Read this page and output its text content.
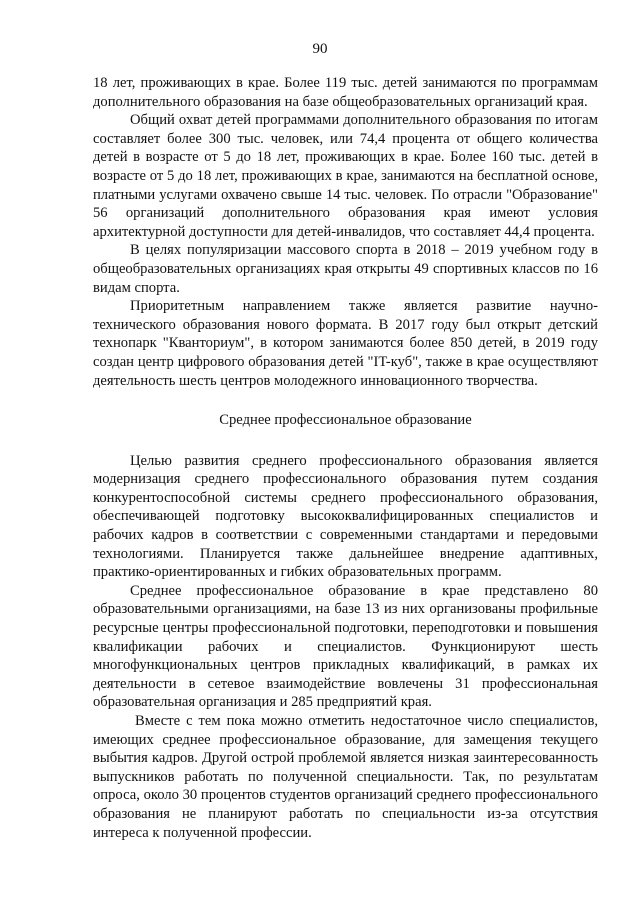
90

18 лет, проживающих в крае. Более 119 тыс. детей занимаются по программам дополнительного образования на базе общеобразовательных организаций края.

Общий охват детей программами дополнительного образования по итогам составляет более 300 тыс. человек, или 74,4 процента от общего количества детей в возрасте от 5 до 18 лет, проживающих в крае. Более 160 тыс. детей в возрасте от 5 до 18 лет, проживающих в крае, занимаются на бесплатной основе, платными услугами охвачено свыше 14 тыс. человек. По отрасли "Образование" 56 организаций дополнительного образования края имеют условия архитектурной доступности для детей-инвалидов, что составляет 44,4 процента.

В целях популяризации массового спорта в 2018 – 2019 учебном году в общеобразовательных организациях края открыты 49 спортивных классов по 16 видам спорта.

Приоритетным направлением также является развитие научно-технического образования нового формата. В 2017 году был открыт детский технопарк "Кванториум", в котором занимаются более 850 детей, в 2019 году создан центр цифрового образования детей "IT-куб", также в крае осуществляют деятельность шесть центров молодежного инновационного творчества.

Среднее профессиональное образование

Целью развития среднего профессионального образования является модернизация среднего профессионального образования путем создания конкурентоспособной системы среднего профессионального образования, обеспечивающей подготовку высококвалифицированных специалистов и рабочих кадров в соответствии с современными стандартами и передовыми технологиями. Планируется также дальнейшее внедрение адаптивных, практико-ориентированных и гибких образовательных программ.

Среднее профессиональное образование в крае представлено 80 образовательными организациями, на базе 13 из них организованы профильные ресурсные центры профессиональной подготовки, переподготовки и повышения квалификации рабочих и специалистов. Функционируют шесть многофункциональных центров прикладных квалификаций, в рамках их деятельности в сетевое взаимодействие вовлечены 31 профессиональная образовательная организация и 285 предприятий края.

Вместе с тем пока можно отметить недостаточное число специалистов, имеющих среднее профессиональное образование, для замещения текущего выбытия кадров. Другой острой проблемой является низкая заинтересованность выпускников работать по полученной специальности. Так, по результатам опроса, около 30 процентов студентов организаций среднего профессионального образования не планируют работать по специальности из-за отсутствия интереса к полученной профессии.
